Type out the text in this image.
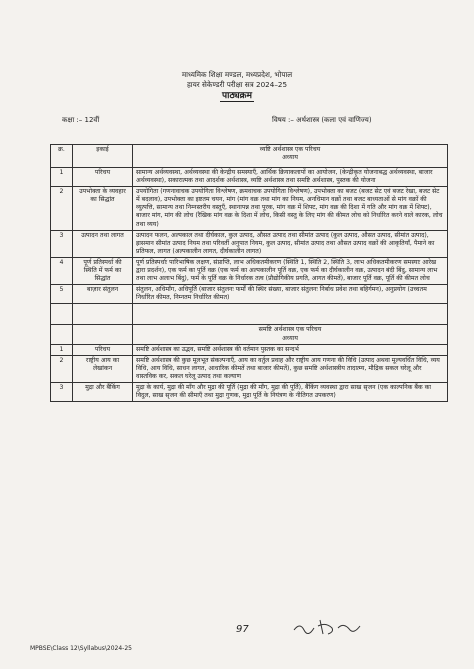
माध्यमिक शिक्षा मण्डल, मध्यप्रदेश, भोपाल
हायर सेकेण्डरी परीक्षा सत्र 2024–25
पाठ्यक्रम
कक्षा :– 12वीं	विषय :– अर्थशास्त्र (कला एवं वाणिज्य)
क्र.	इकाई	व्यष्टि अर्थशास्त्र एक परिचय
अध्याय

1	परिचय	सामान्य अर्थव्यवस्था, अर्थव्यवस्था की केन्द्रीय समस्याएँ, आर्थिक क्रियाकलापों का आयोजन, (केन्द्रीकृत योजनाबद्ध अर्थव्यवस्था, बाजार अर्थव्यवस्था), सकारात्मक तथा आदर्शक अर्थशास्त्र, व्यष्टि अर्थशास्त्र तथा समष्टि अर्थशास्त्र, पुस्तक की योजना
2	उपभोक्ता के व्यवहार का सिद्धांत	उपयोगिता (गणनावाचक उपयोगिता विश्लेषण, क्रमवाचक उपयोगिता विश्लेषण), उपभोक्ता का बजट (बजट सेट एवं बजट रेखा, बजट सेट में बदलाव), उपभोक्ता का इष्टतम चयन, मांग (मांग वक्र तथा मांग का नियम, अनधिमान वक्रों तथा बजट बाध्यताओं से मांग वक्रों की व्युत्पत्ति, सामान्य तथा निम्नस्तरीय वस्तुएँ, स्थानापन्न तथा पूरक, मांग वक्र में शिफ्ट, मांग वक्र की दिशा में गति और मांग वक्र में शिफ्ट), बाजार मांग, मांग की लोच (रैखिक मांग वक्र के दिशा में लोच, किसी वस्तु के लिए मांग की कीमत लोच को निर्धारित करने वाले कारक, लोच तथा व्यय)
3	उत्पादन तथा लागत	उत्पादन फलन, अल्पकाल तथा दीर्घकाल, कुल उत्पाद, औसत उत्पाद तथा सीमांत उत्पाद (कुल उत्पाद, औसत उत्पाद, सीमांत उत्पाद), ह्रासमान सीमांत उत्पाद नियम तथा परिवर्ती अनुपात नियम, कुल उत्पाद, सीमांत उत्पाद तथा औसत उत्पाद वक्रों की आकृतियाँ, पैमाने का प्रतिफल, लागत (अल्पकालीन लागत, दीर्घकालीन लागत)
4	पूर्ण प्रतिस्पर्धा की स्थिति में फर्म का सिद्धांत	पूर्ण प्रतिस्पर्धाः पारिभाषिक लक्षण, संप्राप्ति, लाभ अधिकतमीकरण (स्थिति 1, स्थिति 2, स्थिति 3, लाभ अधिकतमीकरण समस्याः आरेख द्वारा प्रदर्शन), एक फर्म का पूर्ति वक्र (एक फर्म का अल्पकालीन पूर्ति वक्र, एक फर्म का दीर्घकालीन वक्र, उत्पादन बंदी बिंदु, सामान्य लाभ तथा लाभ अलाभ बिंदु), फर्म के पूर्ति वक्र के निर्धारक तत्व (प्रौद्योगिकीय प्रगति, आगत कीमतें), बाजार पूर्ति वक्र, पूर्ति की कीमत लोच
5	बाज़ार संतुलन	संतुलन, अधिमाँग, अधिपूर्ति (बाजार संतुलनः फर्मों की स्थिर संख्या, बाजार संतुलनः निर्बाध प्रवेश तथा बहिर्गमन), अनुप्रयोग (उच्चतम निर्धारित कीमत, निम्नतम निर्धारित कीमत)

		समष्टि अर्थशास्त्र एक परिचय
अध्याय

1	परिचय	समष्टि अर्थशास्त्र का उद्भव, समष्टि अर्थशास्त्र की वर्तमान पुस्तक का सन्दर्भ
2	राष्ट्रीय आय का लेखांकन	समष्टि अर्थशास्त्र की कुछ मूलभूत संकल्पनाएँ, आय का वर्तुल प्रवाह और राष्ट्रीय आय गणना की विधि (उत्पाद अथवा मूल्यवर्धित विधि, व्यय विधि, आय विधि, साधन लागत, आधारिक कीमतें तथा बाजार कीमतें), कुछ समष्टि अर्थशास्त्रीय तादात्म्य, मौद्रिक सकल घरेलू और वास्तविक कर, सकल घरेलू उत्पाद तथा कल्याण
3	मुद्रा और बैंकिंग	मुद्रा के कार्य, मुद्रा की माँग और मुद्रा की पूर्ति (मुद्रा की माँग, मुद्रा की पूर्ति), बैंकिंग व्यवस्था द्वारा साख सृजन (एक काल्पनिक बैंक का विदुल, साख सृजन की सीमाएँ तथा मुद्रा गुणक, मुद्रा पूर्ति के नियंत्रण के नीतिगत उपकरण)
97
MPBSE\Class 12\Syllabus\2024-25
